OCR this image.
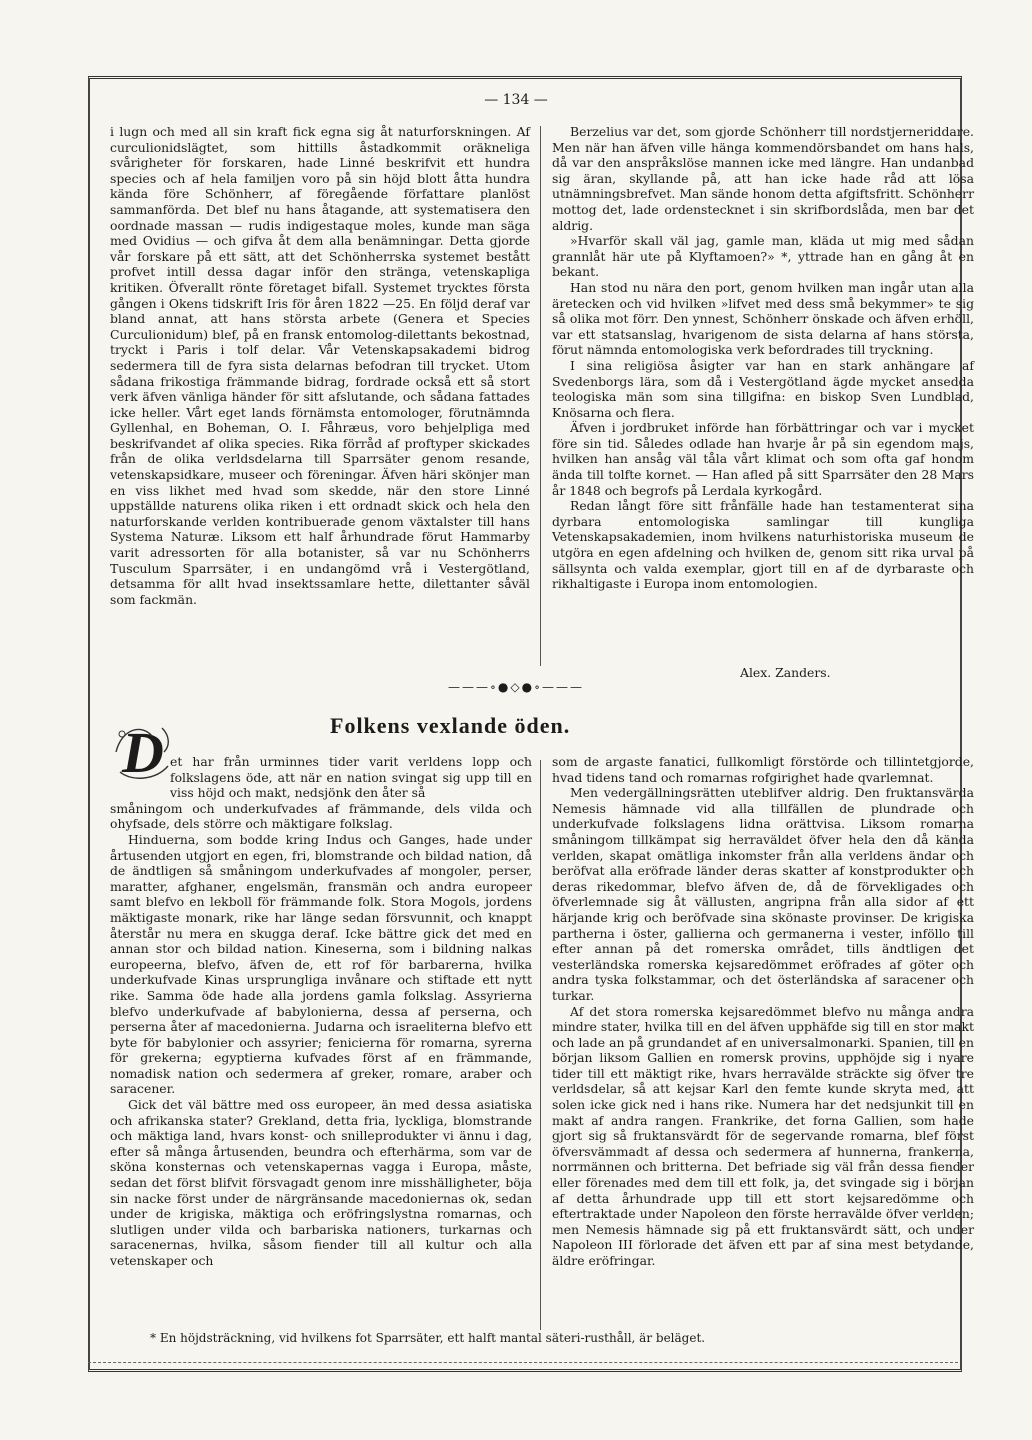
— 134 —

i lugn och med all sin kraft fick egna sig åt naturforskningen. Af curculionidslägtet, som hittills åstadkommit oräkneliga svårigheter för forskaren, hade Linné beskrifvit ett hundra species och af hela familjen voro på sin höjd blott åtta hundra kända före Schönherr, af föregående författare planlöst sammanförda. Det blef nu hans åtagande, att systematisera den oordnade massan — rudis indigestaque moles, kunde man säga med Ovidius — och gifva åt dem alla benämningar. Detta gjorde vår forskare på ett sätt, att det Schönherrska systemet bestått profvet intill dessa dagar inför den stränga, vetenskapliga kritiken. Öfverallt rönte företaget bifall. Systemet trycktes första gången i Okens tidskrift Iris för åren 1822 —25. En följd deraf var bland annat, att hans största arbete (Genera et Species Curculionidum) blef, på en fransk entomolog-dilettants bekostnad, tryckt i Paris i tolf delar. Vår Vetenskapsakademi bidrog sedermera till de fyra sista delarnas befodran till trycket. Utom sådana frikostiga främmande bidrag, fordrade också ett så stort verk äfven vänliga händer för sitt afslutande, och sådana fattades icke heller. Vårt eget lands förnämsta entomologer, förutnämnda Gyllenhal, en Boheman, O. I. Fåhræus, voro behjelpliga med beskrifvandet af olika species. Rika förråd af proftyper skickades från de olika verldsdelarna till Sparrsäter genom resande, vetenskapsidkare, museer och föreningar. Äfven häri skönjer man en viss likhet med hvad som skedde, när den store Linné uppställde naturens olika riken i ett ordnadt skick och hela den naturforskande verlden kontribuerade genom växtalster till hans Systema Naturæ. Liksom ett half århundrade förut Hammarby varit adressorten för alla botanister, så var nu Schönherrs Tusculum Sparrsäter, i en undangömd vrå i Vestergötland, detsamma för allt hvad insektssamlare hette, dilettanter såväl som fackmän.

Berzelius var det, som gjorde Schönherr till nordstjerneriddare. Men när han äfven ville hänga kommendörsbandet om hans hals, då var den anspråkslöse mannen icke med längre. Han undanbad sig äran, skyllande på, att han icke hade råd att lösa utnämningsbrefvet. Man sände honom detta afgiftsfritt. Schönherr mottog det, lade ordenstecknet i sin skrifbordslåda, men bar det aldrig.

»Hvarför skall väl jag, gamle man, kläda ut mig med sådan grannlåt här ute på Klyftamoen?» *, yttrade han en gång åt en bekant.

Han stod nu nära den port, genom hvilken man ingår utan alla äretecken och vid hvilken »lifvet med dess små bekymmer» te sig så olika mot förr. Den ynnest, Schönherr önskade och äfven erhöll, var ett statsanslag, hvarigenom de sista delarna af hans största, förut nämnda entomologiska verk befordrades till tryckning.

I sina religiösa åsigter var han en stark anhängare af Svedenborgs lära, som då i Vestergötland ägde mycket ansedda teologiska män som sina tillgifna: en biskop Sven Lundblad, Knösarna och flera.

Äfven i jordbruket införde han förbättringar och var i mycket före sin tid. Således odlade han hvarje år på sin egendom majs, hvilken han ansåg väl tåla vårt klimat och som ofta gaf honom ända till tolfte kornet. — Han afled på sitt Sparrsäter den 28 Mars år 1848 och begrofs på Lerdala kyrkogård.

Redan långt före sitt frånfälle hade han testamenterat sina dyrbara entomologiska samlingar till kungliga Vetenskapsakademien, inom hvilkens naturhistoriska museum de utgöra en egen afdelning och hvilken de, genom sitt rika urval på sällsynta och valda exemplar, gjort till en af de dyrbaraste och rikhaltigaste i Europa inom entomologien.

Alex. Zanders.
———∘●◇●∘———
Folkens vexlande öden.
D et har från urminnes tider varit verldens lopp och folkslagens öde, att när en nation svingat sig upp till en viss höjd och makt, nedsjönk den åter så
småningom och underkufvades af främmande, dels vilda och ohyfsade, dels större och mäktigare folkslag.

Hinduerna, som bodde kring Indus och Ganges, hade under årtusenden utgjort en egen, fri, blomstrande och bildad nation, då de ändtligen så småningom underkufvades af mongoler, perser, maratter, afghaner, engelsmän, fransmän och andra europeer samt blefvo en lekboll för främmande folk. Stora Mogols, jordens mäktigaste monark, rike har länge sedan försvunnit, och knappt återstår nu mera en skugga deraf. Icke bättre gick det med en annan stor och bildad nation. Kineserna, som i bildning nalkas europeerna, blefvo, äfven de, ett rof för barbarerna, hvilka underkufvade Kinas ursprungliga invånare och stiftade ett nytt rike. Samma öde hade alla jordens gamla folkslag. Assyrierna blefvo underkufvade af babylonierna, dessa af perserna, och perserna åter af macedonierna. Judarna och israeliterna blefvo ett byte för babylonier och assyrier; fenicierna för romarna, syrerna för grekerna; egyptierna kufvades först af en främmande, nomadisk nation och sedermera af greker, romare, araber och saracener.

Gick det väl bättre med oss europeer, än med dessa asiatiska och afrikanska stater? Grekland, detta fria, lyckliga, blomstrande och mäktiga land, hvars konst- och snilleprodukter vi ännu i dag, efter så många årtusenden, beundra och efterhärma, som var de sköna konsternas och vetenskapernas vagga i Europa, måste, sedan det först blifvit försvagadt genom inre misshälligheter, böja sin nacke först under de närgränsande macedoniernas ok, sedan under de krigiska, mäktiga och eröfringslystna romarnas, och slutligen under vilda och barbariska nationers, turkarnas och saracenernas, hvilka, såsom fiender till all kultur och alla vetenskaper och

som de argaste fanatici, fullkomligt förstörde och tillintetgjorde, hvad tidens tand och romarnas rofgirighet hade qvarlemnat.

Men vedergällningsrätten uteblifver aldrig. Den fruktansvärda Nemesis hämnade vid alla tillfällen de plundrade och underkufvade folkslagens lidna orättvisa. Liksom romarna småningom tillkämpat sig herraväldet öfver hela den då kända verlden, skapat omätliga inkomster från alla verldens ändar och beröfvat alla eröfrade länder deras skatter af konstprodukter och deras rikedommar, blefvo äfven de, då de förvekligades och öfverlemnade sig åt vällusten, angripna från alla sidor af ett härjande krig och beröfvade sina skönaste provinser. De krigiska partherna i öster, gallierna och germanerna i vester, inföllo till efter annan på det romerska området, tills ändtligen det vesterländska romerska kejsaredömmet eröfrades af göter och andra tyska folkstammar, och det österländska af saracener och turkar.

Af det stora romerska kejsaredömmet blefvo nu många andra mindre stater, hvilka till en del äfven upphäfde sig till en stor makt och lade an på grundandet af en universalmonarki. Spanien, till en början liksom Gallien en romersk provins, upphöjde sig i nyare tider till ett mäktigt rike, hvars herravälde sträckte sig öfver tre verldsdelar, så att kejsar Karl den femte kunde skryta med, att solen icke gick ned i hans rike. Numera har det nedsjunkit till en makt af andra rangen. Frankrike, det forna Gallien, som hade gjort sig så fruktansvärdt för de segervande romarna, blef först öfversvämmadt af dessa och sedermera af hunnerna, frankerna, norrmännen och britterna. Det befriade sig väl från dessa fiender eller förenades med dem till ett folk, ja, det svingade sig i början af detta århundrade upp till ett stort kejsaredömme och eftertraktade under Napoleon den förste herravälde öfver verlden; men Nemesis hämnade sig på ett fruktansvärdt sätt, och under Napoleon III förlorade det äfven ett par af sina mest betydande, äldre eröfringar.

* En höjdsträckning, vid hvilkens fot Sparrsäter, ett halft mantal säteri-rusthåll, är beläget.
